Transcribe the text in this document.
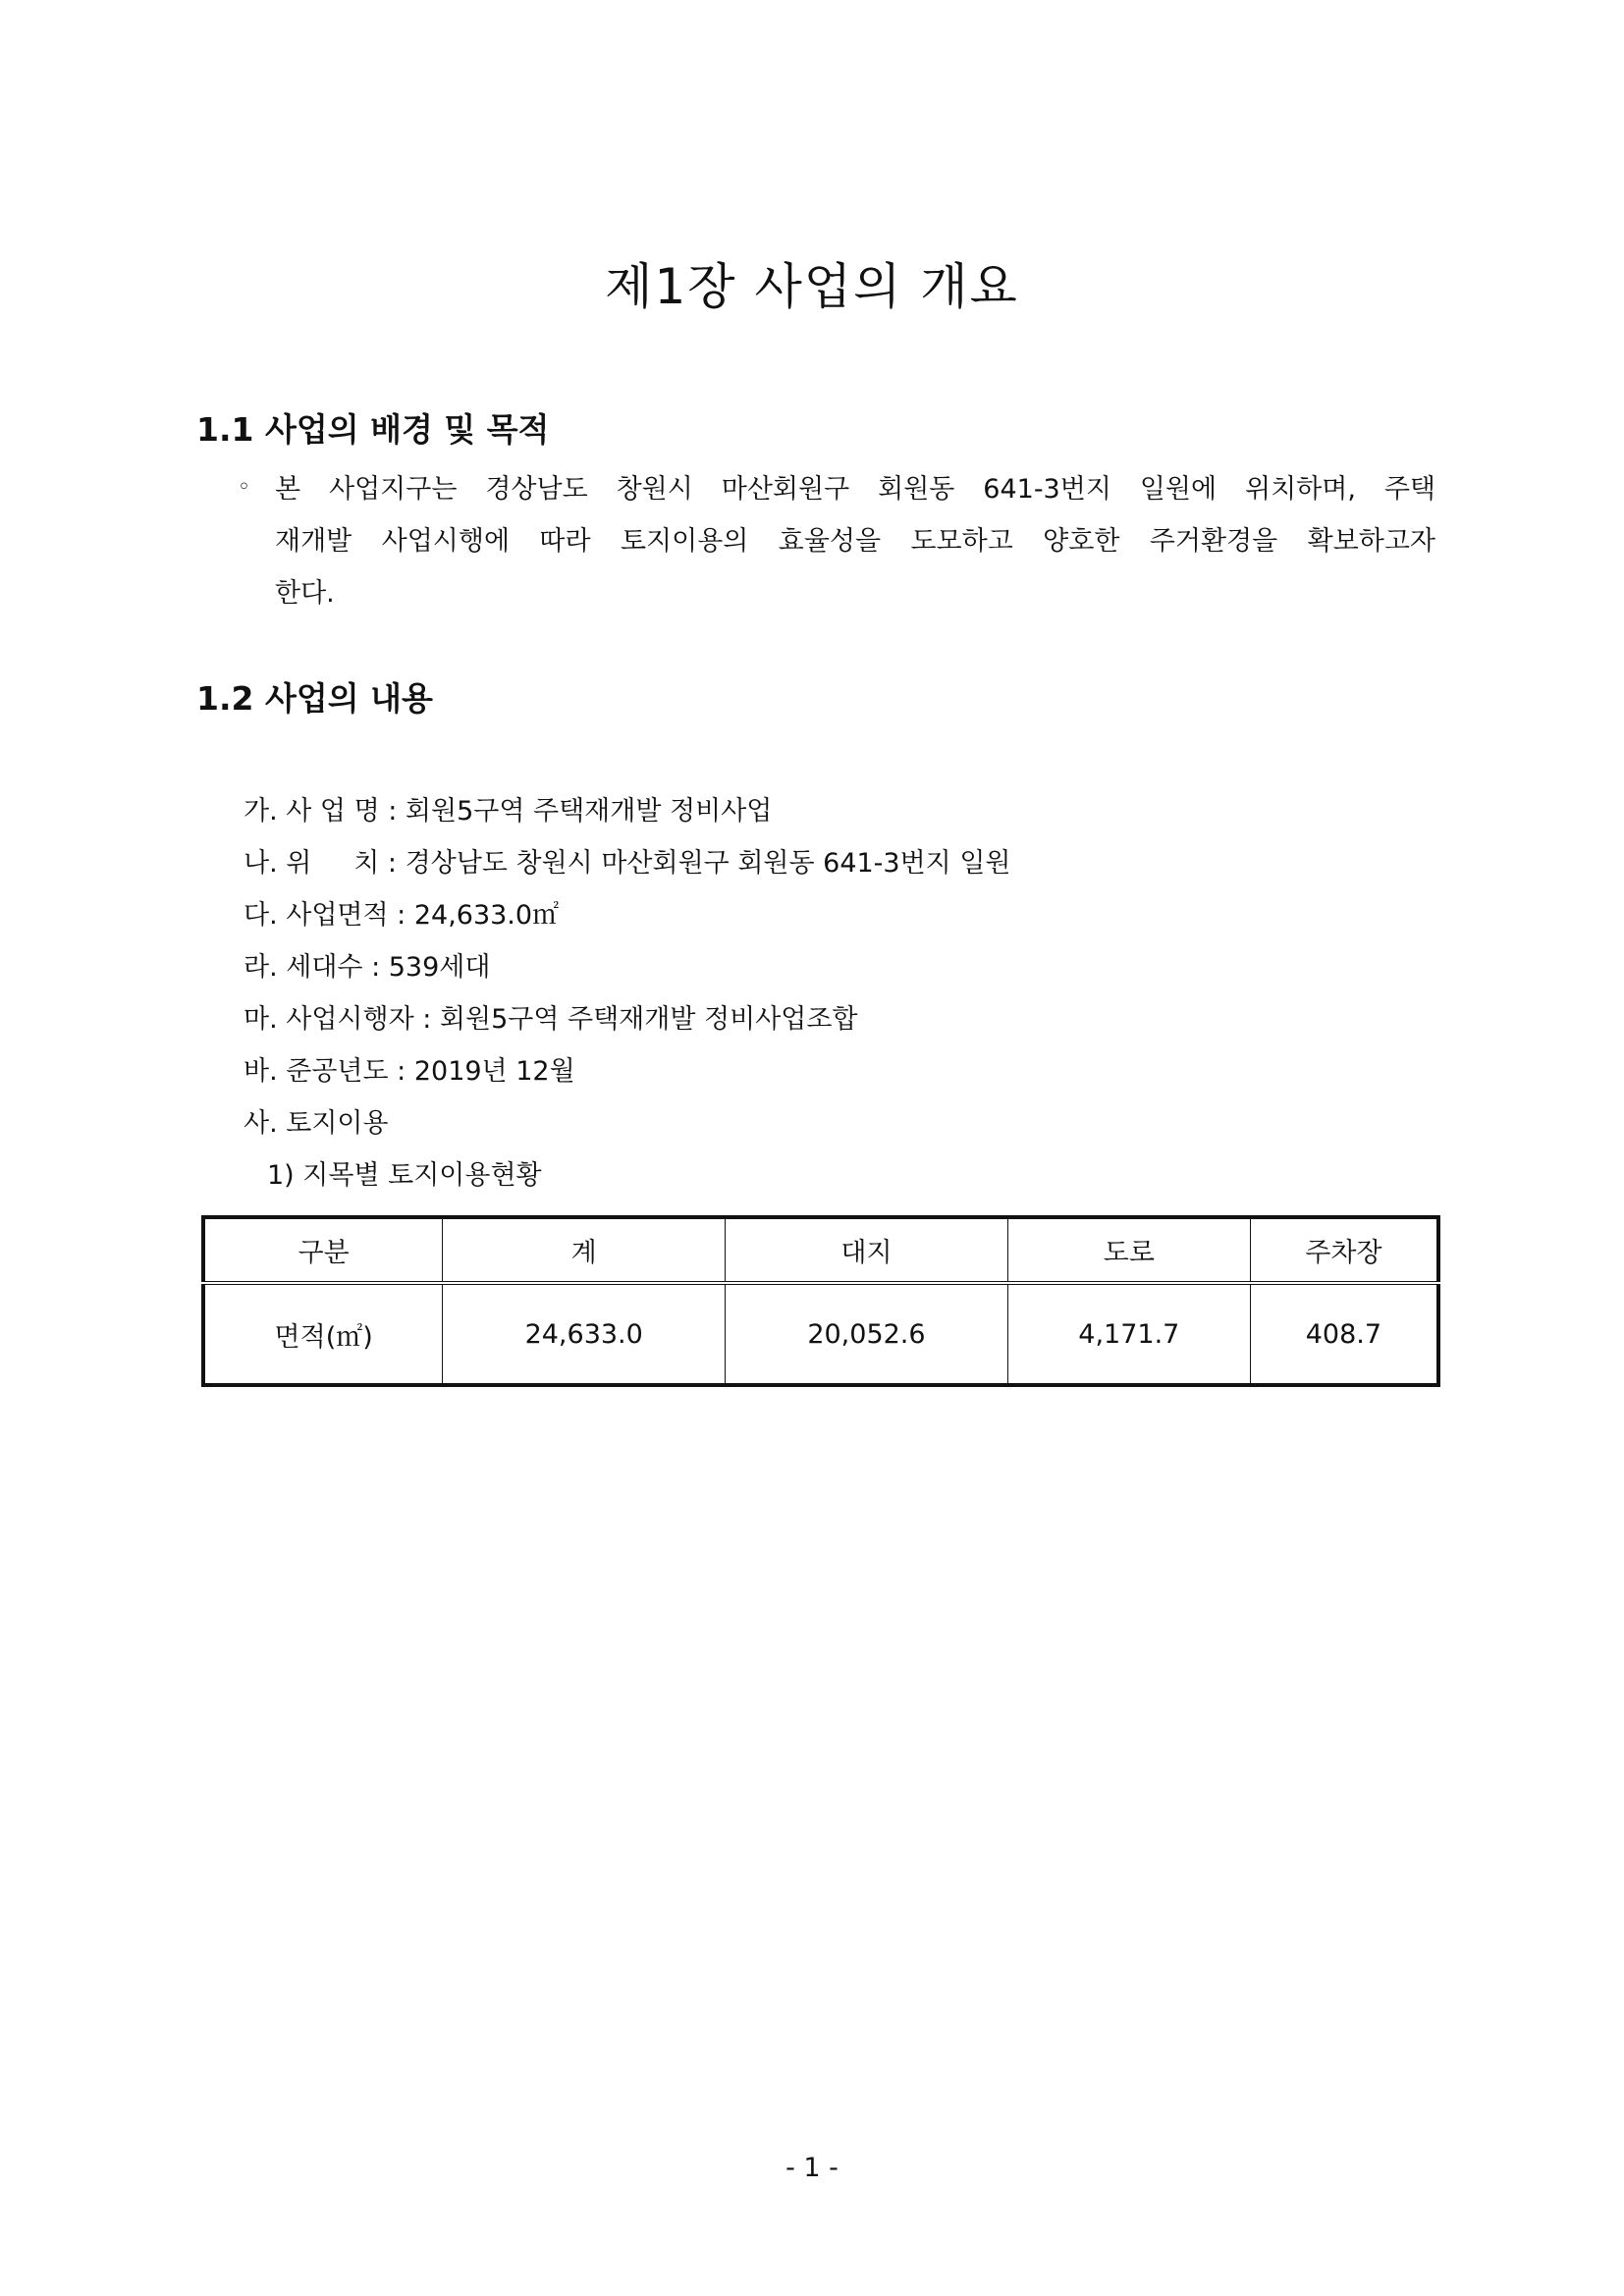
제1장 사업의 개요
1.1 사업의 배경 및 목적

◦ 본 사업지구는 경상남도 창원시 마산회원구 회원동 641-3번지 일원에 위치하며, 주택
재개발 사업시행에 따라 토지이용의 효율성을 도모하고 양호한 주거환경을 확보하고자
한다.

1.2 사업의 내용
가. 사 업 명 : 회원5구역 주택재개발 정비사업
나. 위     치 : 경상남도 창원시 마산회원구 회원동 641-3번지 일원
다. 사업면적 : 24,633.0㎡
라. 세대수 : 539세대
마. 사업시행자 : 회원5구역 주택재개발 정비사업조합
바. 준공년도 : 2019년 12월
사. 토지이용
1) 지목별 토지이용현황
구분	계	대지	도로	주차장
면적(㎡)	24,633.0	20,052.6	4,171.7	408.7
- 1 -
